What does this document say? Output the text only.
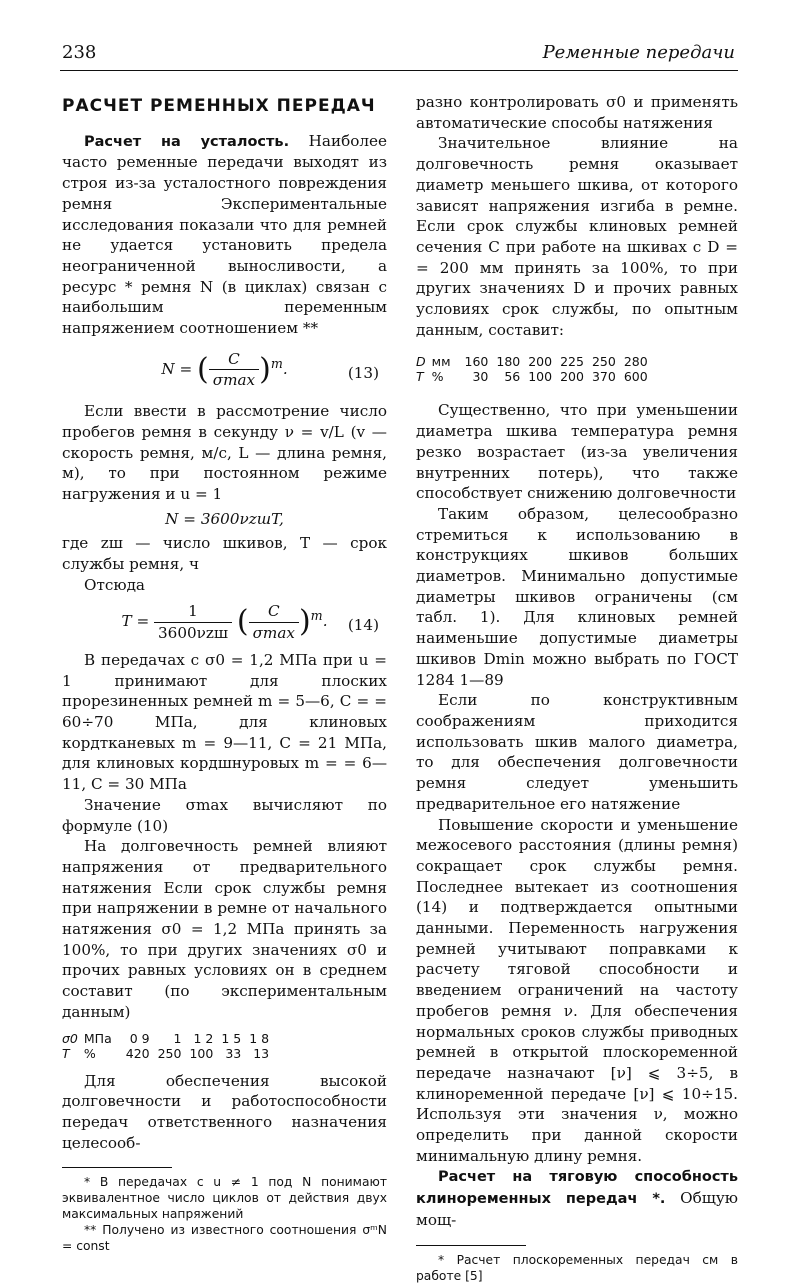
238	Ременные передачи
РАСЧЕТ РЕМЕННЫХ ПЕРЕДАЧ

Расчет на усталость. Наиболее часто ременные передачи выходят из строя из-за усталостного повреждения ремня Экспериментальные исследования показали что для ремней не удается установить предела неограниченной выносливости, а ресурс * ремня N (в циклах) связан с наибольшим переменным напряжением соотношением **

N = ( $\frac{C}{\sigma\max} )^m$.	(13)

Если ввести в рассмотрение число пробегов ремня в секунду ν = v/L (v — скорость ремня, м/с, L — длина ремня, м), то при постоянном режиме нагружения и u = 1

N = 3600νzшT,

где zш — число шкивов, T — срок службы ремня, ч

Отсюда

$T = \frac{1}{\text{3600νzш}}$ ( $\frac{C}{\sigma\max} )^m$. (14)

В передачах с σ0 = 1,2 МПа при u = 1 принимают для плоских прорезиненных ремней m = 5—6, C = = 60÷70 МПа, для клиновых кордтканевых m = 9—11, C = 21 МПа, для клиновых кордшнуровых m = = 6—11, C = 30 МПа

Значение σmax вычисляют по формуле (10)

На долговечность ремней влияют напряжения от предварительного натяжения Если срок службы ремня при напряжении в ремне от начального натяжения σ0 = 1,2 МПа принять за 100%, то при других значениях σ0 и прочих равных условиях он в среднем составит (по экспериментальным данным)

σ0	МПа	0 9	1	1 2	1 5	1 8
T	%	420	250	100	33	13

Для обеспечения высокой долговечности и работоспособности передач ответственного назначения целесооб-

* В передачах с u ≠ 1 под N понимают эквивалентное число циклов от действия двух максимальных напряжений

** Получено из известного соотношения σᵐN = const

разно контролировать σ0 и применять автоматические способы натяжения

Значительное влияние на долговечность ремня оказывает диаметр меньшего шкива, от которого зависят напряжения изгиба в ремне. Если срок службы клиновых ремней сечения C при работе на шкивах с D = = 200 мм принять за 100%, то при других значениях D и прочих равных условиях срок службы, по опытным данным, составит:

D	мм	160	180	200	225	250	280
T	%	30	56	100	200	370	600

Существенно, что при уменьшении диаметра шкива температура ремня резко возрастает (из-за увеличения внутренних потерь), что также способствует снижению долговечности

Таким образом, целесообразно стремиться к использованию в конструкциях шкивов больших диаметров. Минимально допустимые диаметры шкивов ограничены (см табл. 1). Для клиновых ремней наименьшие допустимые диаметры шкивов Dmin можно выбрать по ГОСТ 1284 1—89

Если по конструктивным соображениям приходится использовать шкив малого диаметра, то для обеспечения долговечности ремня следует уменьшить предварительное его натяжение

Повышение скорости и уменьшение межосевого расстояния (длины ремня) сокращает срок службы ремня. Последнее вытекает из соотношения (14) и подтверждается опытными данными. Переменность нагружения ремней учитывают поправками к расчету тяговой способности и введением ограничений на частоту пробегов ремня ν. Для обеспечения нормальных сроков службы приводных ремней в открытой плоскоременной передаче назначают [ν] ⩽ 3÷5, в клиноременной передаче [ν] ⩽ 10÷15. Используя эти значения ν, можно определить при данной скорости минимальную длину ремня.

Расчет на тяговую способность клиноременных передач *. Общую мощ-

* Расчет плоскоременных передач см в работе [5]
